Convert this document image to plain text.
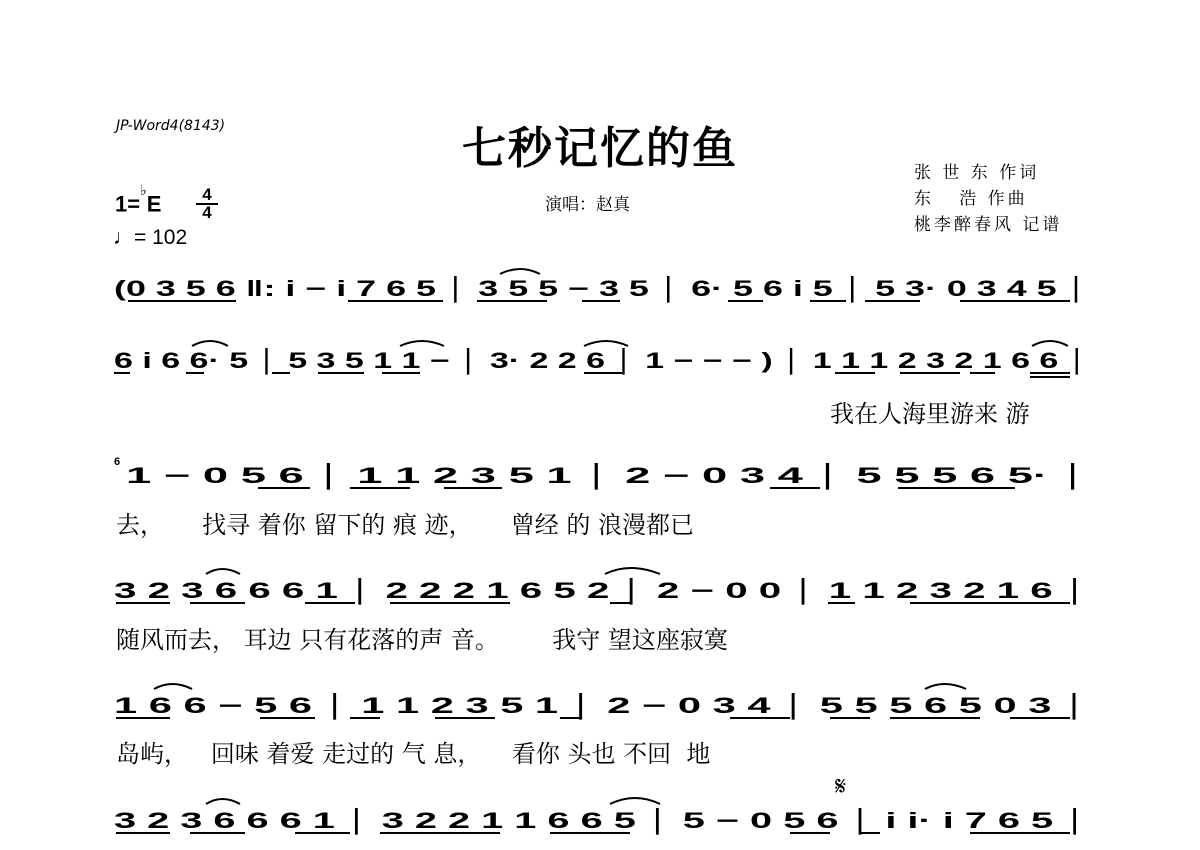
JP-Word4(8143)	七秒记忆的鱼
演唱：赵真
张 世 东 作词
东   浩 作曲
桃李醉春风 记谱
1=♭E	4
4
♩= 102
(0 3 5 6 ‖: i − i 7 6 5 │ 3 5 5 − 3 5 │ 6· 5 6 i 5 │ 5 3· 0 3 4 5 │
6 i 6 6· 5 │ 5 3 5 1 1 − │ 3· 2 2 6 │ 1 − − − ) │ 1 1 1 2 3 2 1 6 6 │
我在人海里游来 游
6
1 − 0 5 6 │ 1 1 2 3 5 1 │ 2 − 0 3 4 │ 5 5 5 6 5· │
去，     找寻 着你 留下的 痕 迹，     曾经 的 浪漫都已
3 2 3 6 6 6 1 │ 2 2 2 1 6 5 2 │ 2 − 0 0 │ 1 1 2 3 2 1 6 │
随风而去， 耳边 只有花落的声 音。       我守 望这座寂寞
1 6 6 − 5 6 │ 1 1 2 3 5 1 │ 2 − 0 3 4 │ 5 5 5 6 5 0 3 │
岛屿，   回味 着爱 走过的 气 息，    看你 头也 不回  地
𝄋
3 2 3 6 6 6 1 │ 3 2 2 1 1 6 6 5 │ 5 − 0 5 6 │ i i· i 7 6 5 │
